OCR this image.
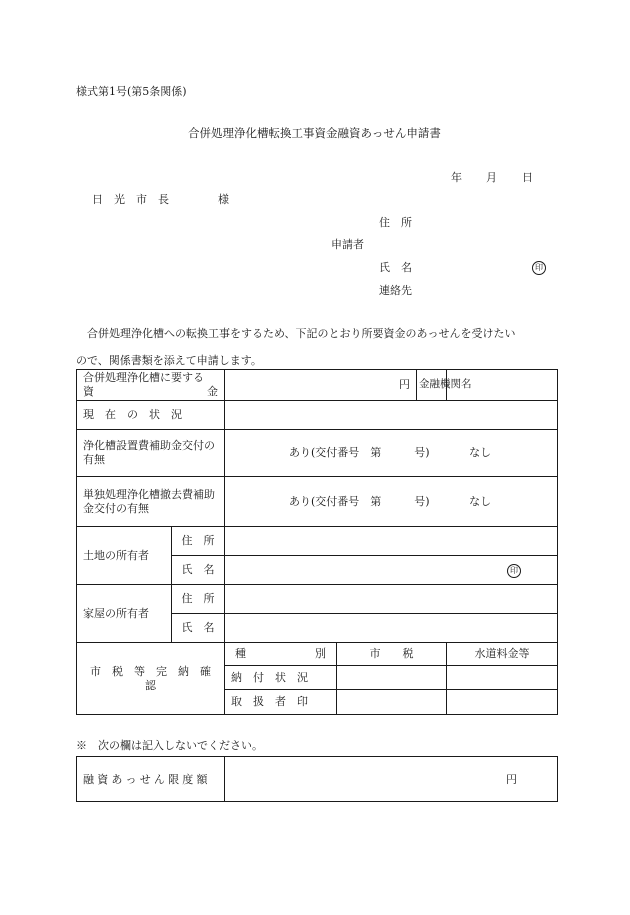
様式第1号(第5条関係)
合併処理浄化槽転換工事資金融資あっせん申請書
年 月 日
日　光　市　長	様
住　所
申請者
氏　名	印
連絡先
　合併処理浄化槽への転換工事をするため、下記のとおり所要資金のあっせんを受けたい
ので、関係書類を添えて申請します。
合併処理浄化槽に要する
資 金		円		金融機関名	
現　在　の　状　況					
浄化槽設置費補助金交付の有無		あり(交付番号　第　　　号) なし			
単独処理浄化槽撤去費補助金交付の有無		あり(交付番号　第　　　号) なし			
土地の所有者	住　所				
	氏　名	印			

家屋の所有者	住　所				
	氏　名				
市　税　等　完　納　確　認		種 別	市　　税		水道料金等
		納　付　状　況			
		取　扱　者　印			
※　次の欄は記入しないでください。
融資あっせん限度額	円
